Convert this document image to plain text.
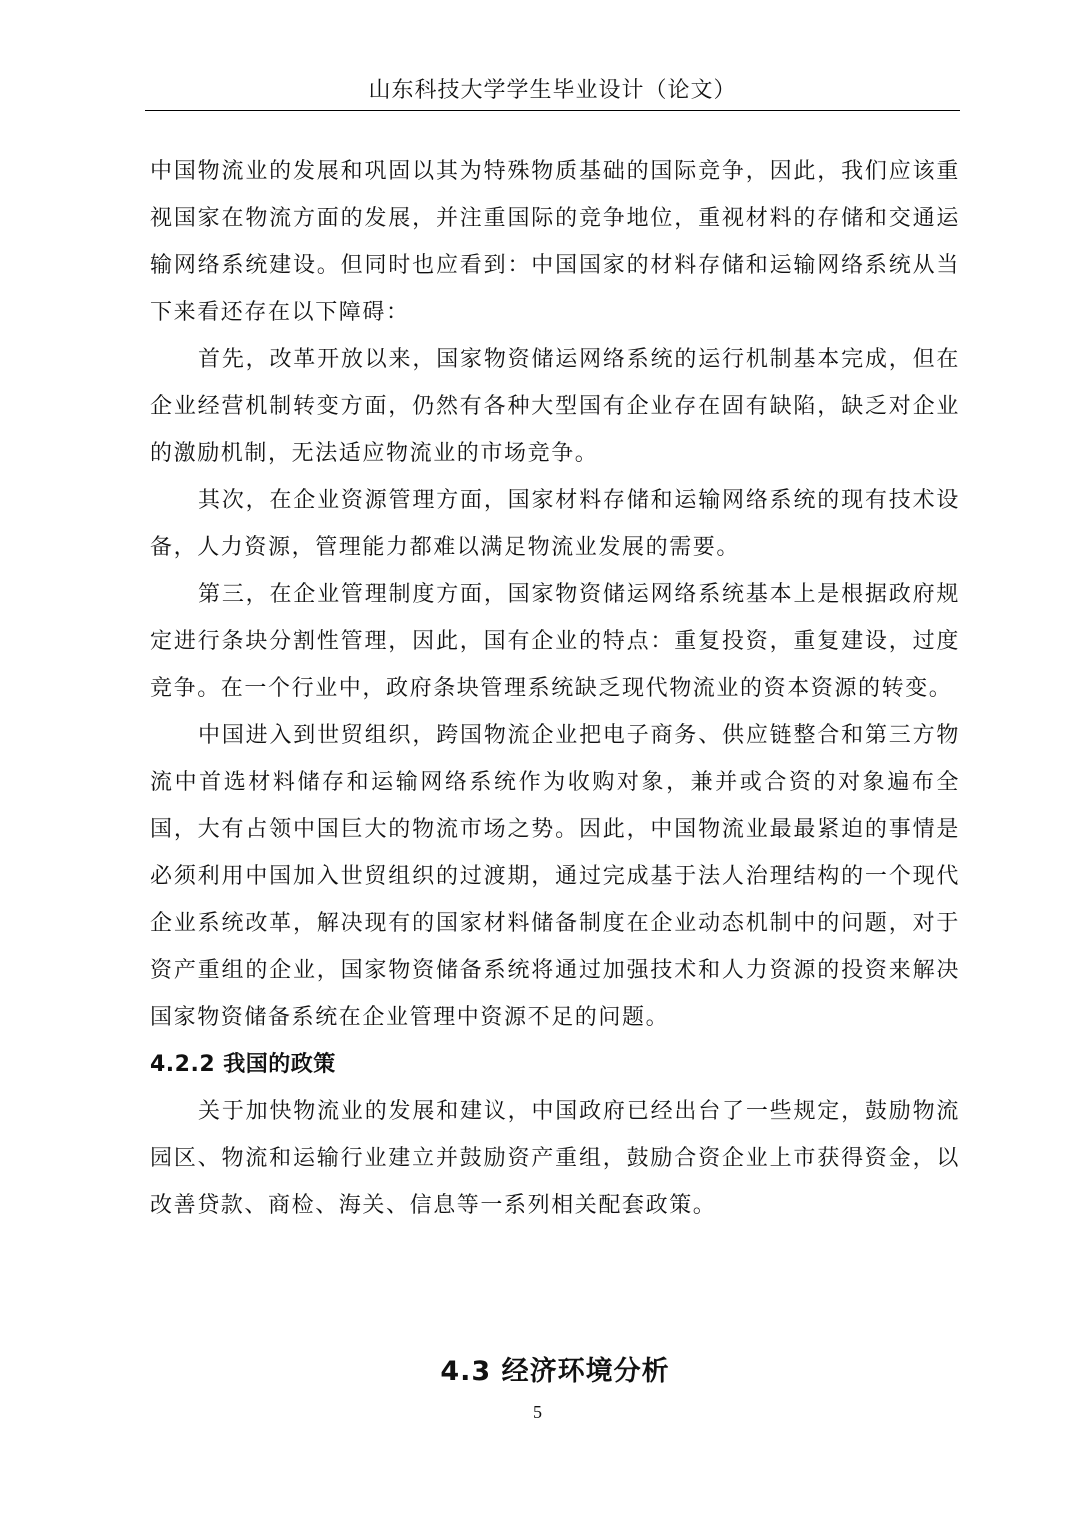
山东科技大学学生毕业设计（论文）

中国物流业的发展和巩固以其为特殊物质基础的国际竞争，因此，我们应该重视国家在物流方面的发展，并注重国际的竞争地位，重视材料的存储和交通运输网络系统建设。但同时也应看到：中国国家的材料存储和运输网络系统从当下来看还存在以下障碍：

首先，改革开放以来，国家物资储运网络系统的运行机制基本完成，但在企业经营机制转变方面，仍然有各种大型国有企业存在固有缺陷，缺乏对企业的激励机制，无法适应物流业的市场竞争。

其次，在企业资源管理方面，国家材料存储和运输网络系统的现有技术设备，人力资源，管理能力都难以满足物流业发展的需要。

第三，在企业管理制度方面，国家物资储运网络系统基本上是根据政府规定进行条块分割性管理，因此，国有企业的特点：重复投资，重复建设，过度竞争。在一个行业中，政府条块管理系统缺乏现代物流业的资本资源的转变。

中国进入到世贸组织，跨国物流企业把电子商务、供应链整合和第三方物流中首选材料储存和运输网络系统作为收购对象，兼并或合资的对象遍布全国，大有占领中国巨大的物流市场之势。因此，中国物流业最最紧迫的事情是必须利用中国加入世贸组织的过渡期，通过完成基于法人治理结构的一个现代企业系统改革，解决现有的国家材料储备制度在企业动态机制中的问题，对于资产重组的企业，国家物资储备系统将通过加强技术和人力资源的投资来解决国家物资储备系统在企业管理中资源不足的问题。

4.2.2 我国的政策

关于加快物流业的发展和建议，中国政府已经出台了一些规定，鼓励物流园区、物流和运输行业建立并鼓励资产重组，鼓励合资企业上市获得资金，以改善贷款、商检、海关、信息等一系列相关配套政策。

4.3 经济环境分析
5
